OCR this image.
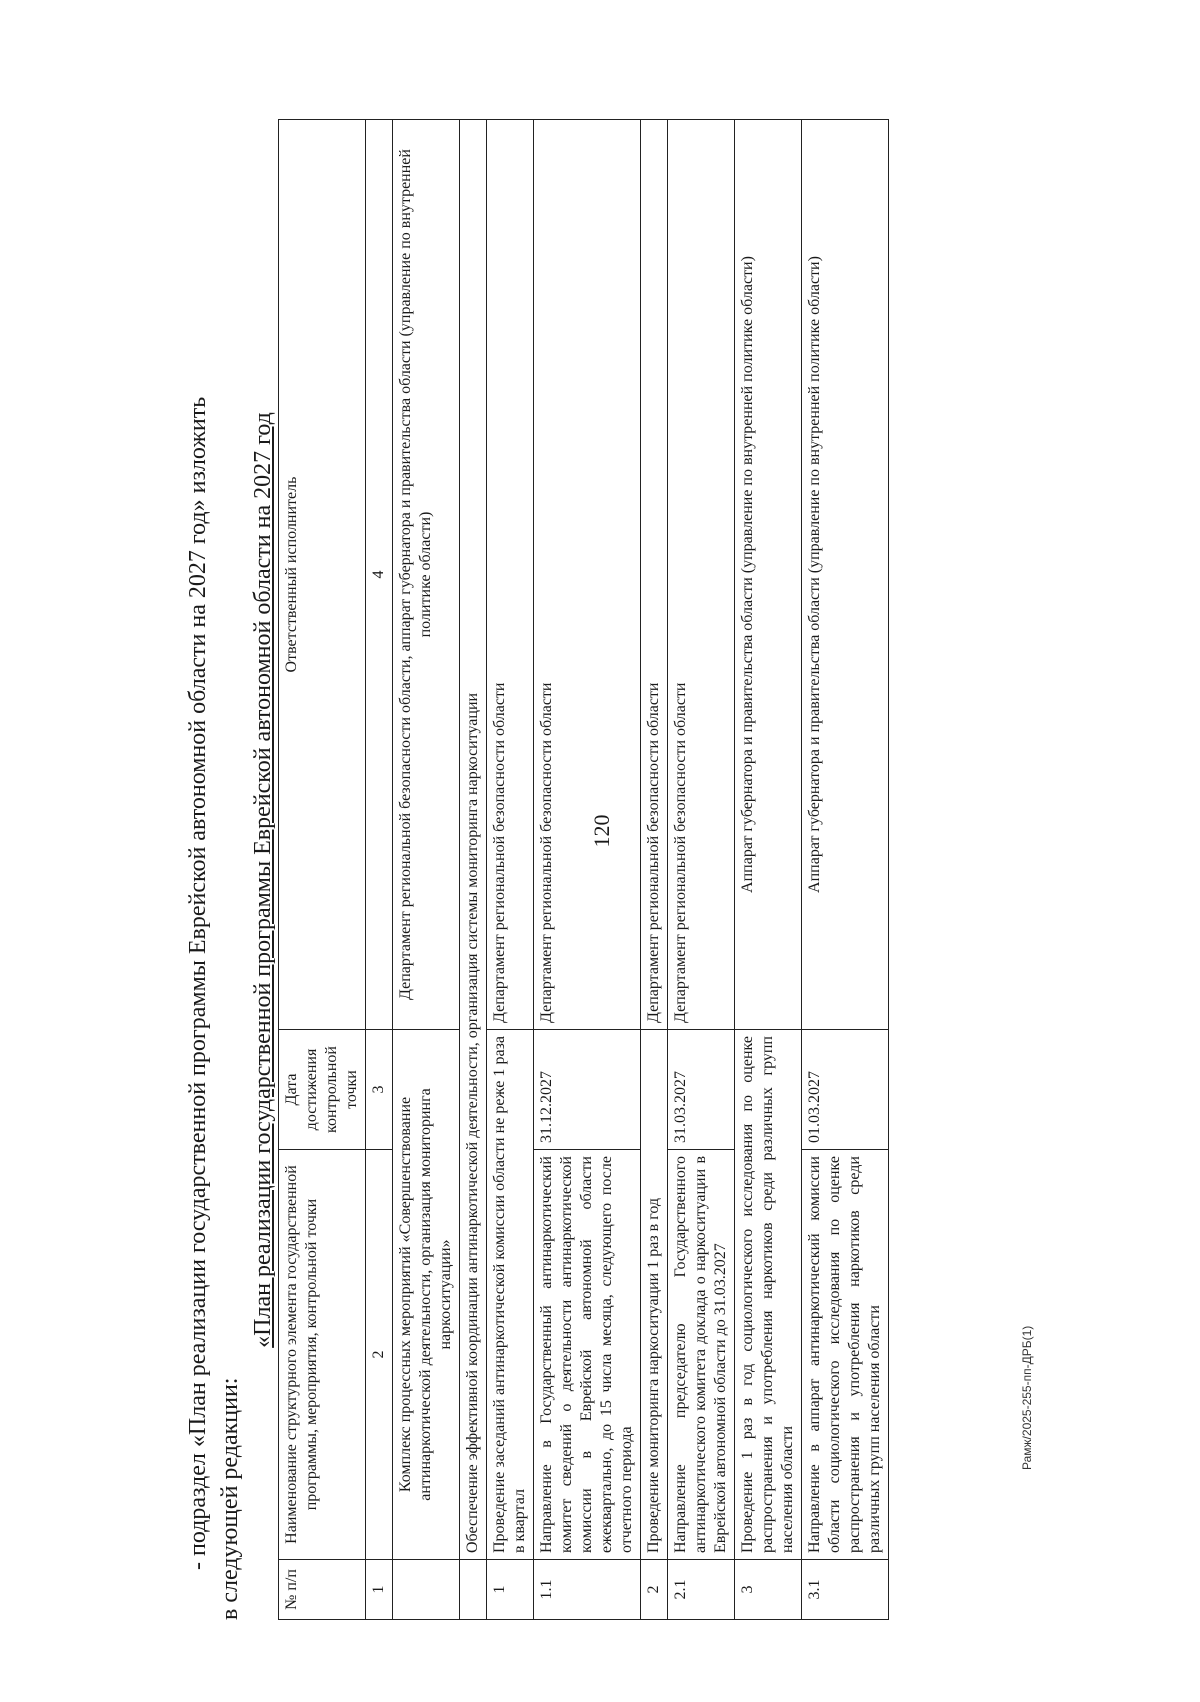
120
- подраздел «План реализации государственной программы Еврейской автономной области на 2027 год» изложить в следующей редакции:
«План реализации государственной программы Еврейской автономной области на 2027 год
№ п/п	Наименование структурного элемента государственной программы, мероприятия, контрольной точки	Дата достижения контрольной точки	Ответственный исполнитель
1	2	3	4
	Комплекс процессных мероприятий «Совершенствование антинаркотической деятельности, организация мониторинга наркоситуации»		Департамент региональной безопасности области, аппарат губернатора и правительства области (управление по внутренней политике области)
	Обеспечение эффективной координации антинаркотической деятельности, организация системы мониторинга наркоситуации		
1	Проведение заседаний антинаркотической комиссии области не реже 1 раза в квартал		Департамент региональной безопасности области
1.1	Направление в Государственный антинаркотический комитет сведений о деятельности антинаркотической комиссии в Еврейской автономной области ежеквартально, до 15 числа месяца, следующего после отчетного периода	31.12.2027	Департамент региональной безопасности области
2	Проведение мониторинга наркоситуации 1 раз в год		Департамент региональной безопасности области
2.1	Направление председателю Государственного антинаркотического комитета доклада о наркоситуации в Еврейской автономной области до 31.03.2027	31.03.2027	Департамент региональной безопасности области
3	Проведение 1 раз в год социологического исследования по оценке распространения и употребления наркотиков среди различных групп населения области		Аппарат губернатора и правительства области (управление по внутренней политике области)
3.1	Направление в аппарат антинаркотический комиссии области социологического исследования по оценке распространения и употребления наркотиков среди различных групп населения области	01.03.2027	Аппарат губернатора и правительства области (управление по внутренней политике области)
Рамж/2025-255-пп-ДРБ(1)
